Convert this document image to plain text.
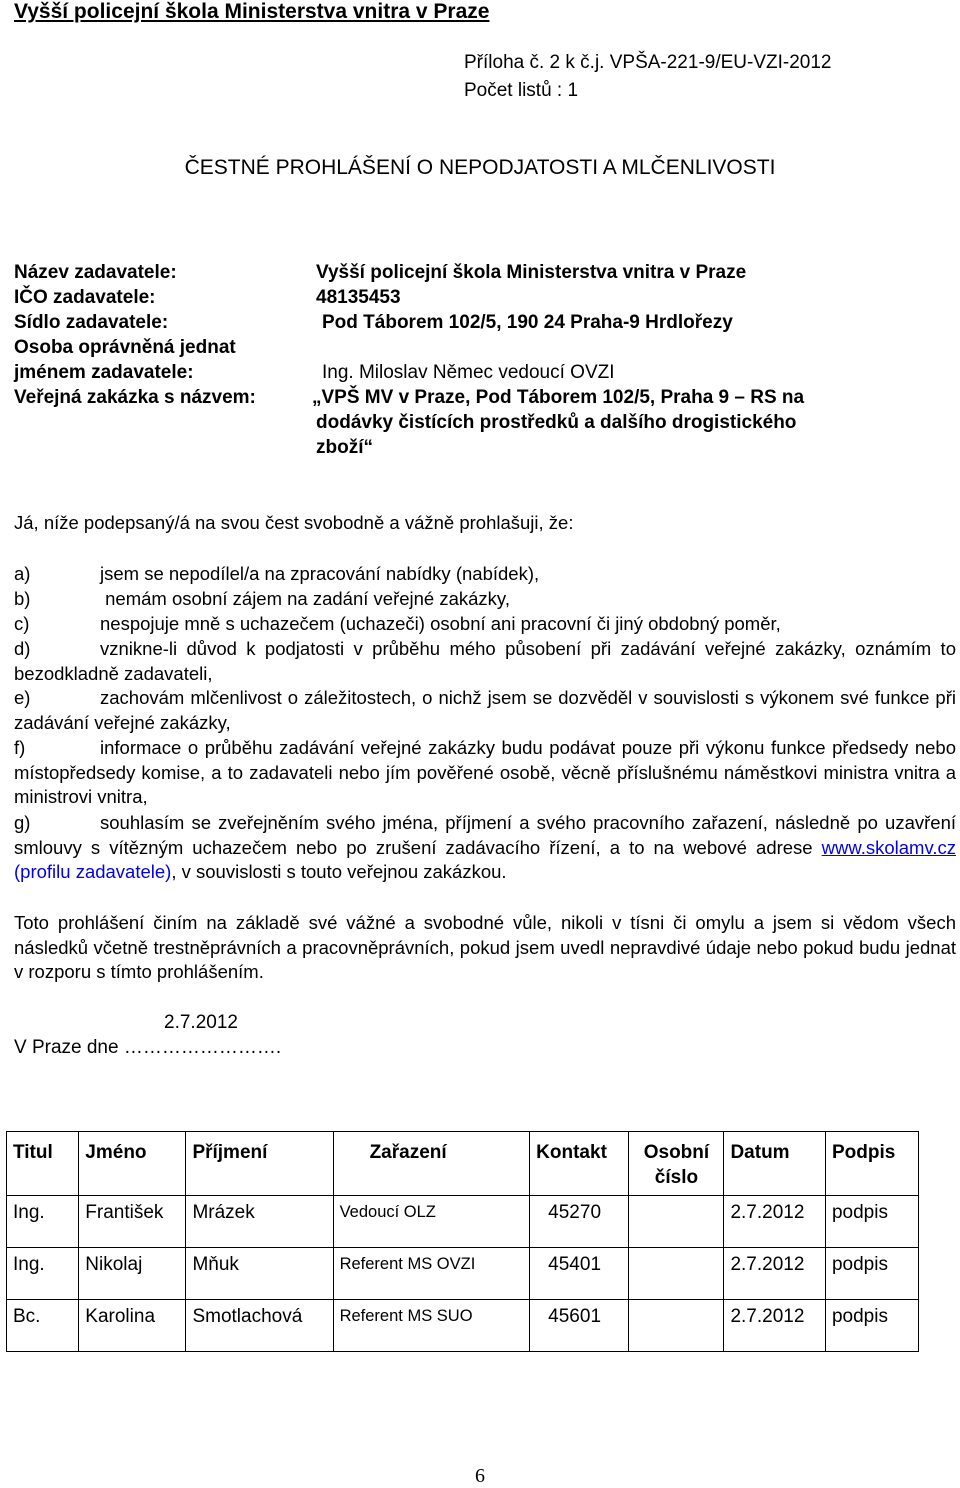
Vyšší policejní škola Ministerstva vnitra v Praze
Příloha č. 2 k č.j. VPŠA-221-9/EU-VZI-2012
Počet listů : 1
ČESTNÉ PROHLÁŠENÍ O NEPODJATOSTI A MLČENLIVOSTI
Název zadavatele:	Vyšší policejní škola Ministerstva vnitra v Praze
IČO zadavatele:	48135453
Sídlo zadavatele:	Pod Táborem 102/5, 190 24 Praha-9 Hrdlořezy
Osoba oprávněná jednat
jménem zadavatele:	Ing. Miloslav Němec vedoucí OVZI
Veřejná zakázka s názvem:	„VPŠ MV v Praze, Pod Táborem 102/5, Praha 9 – RS na
dodávky čistících prostředků a dalšího drogistického
zboží“
Já, níže podepsaný/á na svou čest svobodně a vážně prohlašuji, že:
a)	jsem se nepodílel/a na zpracování nabídky (nabídek),
b)	nemám osobní zájem na zadání veřejné zakázky,
c)	nespojuje mně s uchazečem (uchazeči) osobní ani pracovní či jiný obdobný poměr,
d)	vznikne-li důvod k podjatosti v průběhu mého působení při zadávání veřejné zakázky, oznámím to bezodkladně zadavateli,
e)	zachovám mlčenlivost o záležitostech, o nichž jsem se dozvěděl v souvislosti s výkonem své funkce při zadávání veřejné zakázky,
f)	informace o průběhu zadávání veřejné zakázky budu podávat pouze při výkonu funkce předsedy nebo místopředsedy komise, a to zadavateli nebo jím pověřené osobě, věcně příslušnému náměstkovi ministra vnitra a ministrovi vnitra,
g)	souhlasím se zveřejněním svého jména, příjmení a svého pracovního zařazení, následně po uzavření smlouvy s vítězným uchazečem nebo po zrušení zadávacího řízení, a to na webové adrese www.skolamv.cz (profilu zadavatele), v souvislosti s touto veřejnou zakázkou.
Toto prohlášení činím na základě své vážné a svobodné vůle, nikoli v tísni či omylu a jsem si vědom všech následků včetně trestněprávních a pracovněprávních, pokud jsem uvedl nepravdivé údaje nebo pokud budu jednat v rozporu s tímto prohlášením.
2.7.2012
V Praze dne …………………….
Titul	Jméno	Příjmení	Zařazení	Kontakt	Osobní číslo	Datum	Podpis
Ing.	František	Mrázek	Vedoucí OLZ	45270		2.7.2012	podpis
Ing.	Nikolaj	Mňuk	Referent MS OVZI	45401		2.7.2012	podpis
Bc.	Karolina	Smotlachová	Referent MS SUO	45601		2.7.2012	podpis
6
